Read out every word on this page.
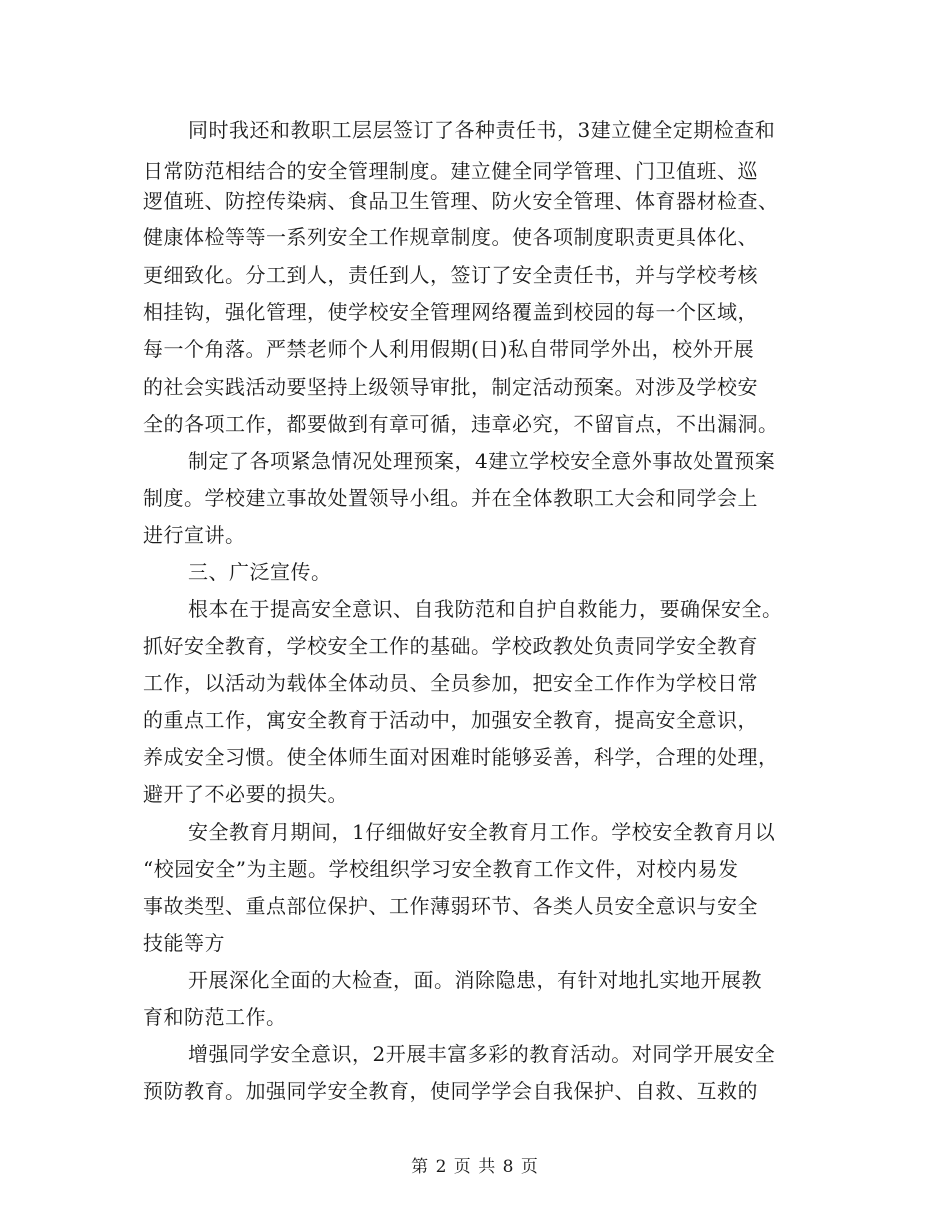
同时我还和教职工层层签订了各种责任书，3建立健全定期检查和
日常防范相结合的安全管理制度。建立健全同学管理、门卫值班、巡
逻值班、防控传染病、食品卫生管理、防火安全管理、体育器材检查、
健康体检等等一系列安全工作规章制度。使各项制度职责更具体化、
更细致化。分工到人，责任到人，签订了安全责任书，并与学校考核
相挂钩，强化管理，使学校安全管理网络覆盖到校园的每一个区域，
每一个角落。严禁老师个人利用假期(日)私自带同学外出，校外开展
的社会实践活动要坚持上级领导审批，制定活动预案。对涉及学校安
全的各项工作，都要做到有章可循，违章必究，不留盲点，不出漏洞。
制定了各项紧急情况处理预案，4建立学校安全意外事故处置预案
制度。学校建立事故处置领导小组。并在全体教职工大会和同学会上
进行宣讲。
三、广泛宣传。
根本在于提高安全意识、自我防范和自护自救能力，要确保安全。
抓好安全教育，学校安全工作的基础。学校政教处负责同学安全教育
工作，以活动为载体全体动员、全员参加，把安全工作作为学校日常
的重点工作，寓安全教育于活动中，加强安全教育，提高安全意识，
养成安全习惯。使全体师生面对困难时能够妥善，科学，合理的处理，
避开了不必要的损失。
安全教育月期间，1仔细做好安全教育月工作。学校安全教育月以
“校园安全”为主题。学校组织学习安全教育工作文件，对校内易发
事故类型、重点部位保护、工作薄弱环节、各类人员安全意识与安全
技能等方
开展深化全面的大检查，面。消除隐患，有针对地扎实地开展教
育和防范工作。
增强同学安全意识，2开展丰富多彩的教育活动。对同学开展安全
预防教育。加强同学安全教育，使同学学会自我保护、自救、互救的
第 2 页 共 8 页
